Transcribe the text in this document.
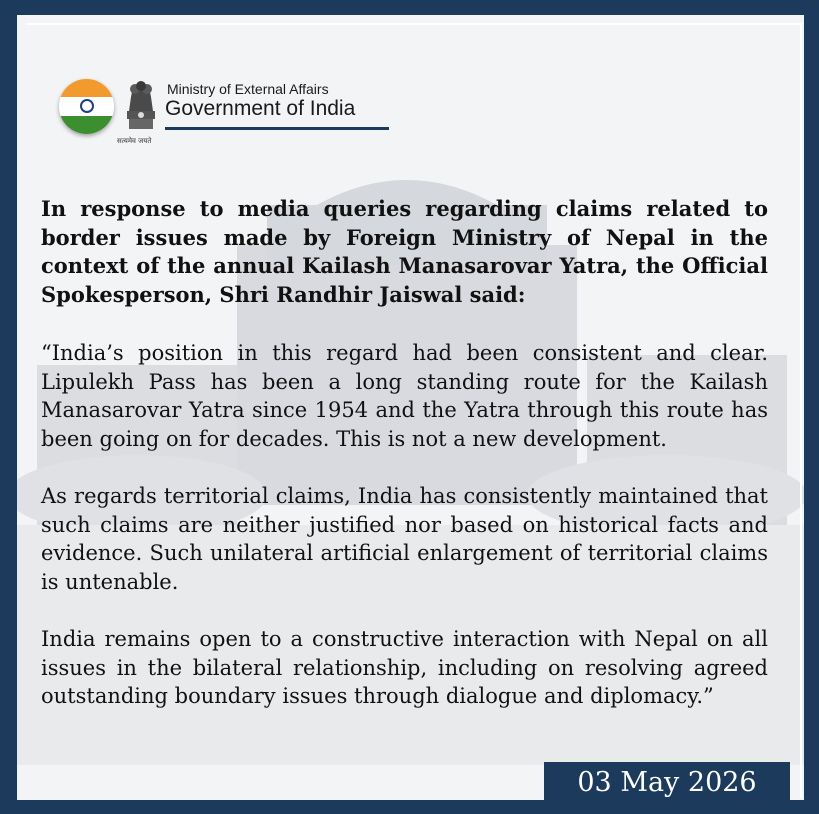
सत्यमेव जयते
Ministry of External Affairs
Government of India

In response to media queries regarding claims related to border issues made by Foreign Ministry of Nepal in the context of the annual Kailash Manasarovar Yatra, the Official Spokesperson, Shri Randhir Jaiswal said:

“India’s position in this regard had been consistent and clear. Lipulekh Pass has been a long standing route for the Kailash Manasarovar Yatra since 1954 and the Yatra through this route has been going on for decades. This is not a new development.

As regards territorial claims, India has consistently maintained that such claims are neither justified nor based on historical facts and evidence. Such unilateral artificial enlargement of territorial claims is untenable.

India remains open to a constructive interaction with Nepal on all issues in the bilateral relationship, including on resolving agreed outstanding boundary issues through dialogue and diplomacy.”

03 May 2026
